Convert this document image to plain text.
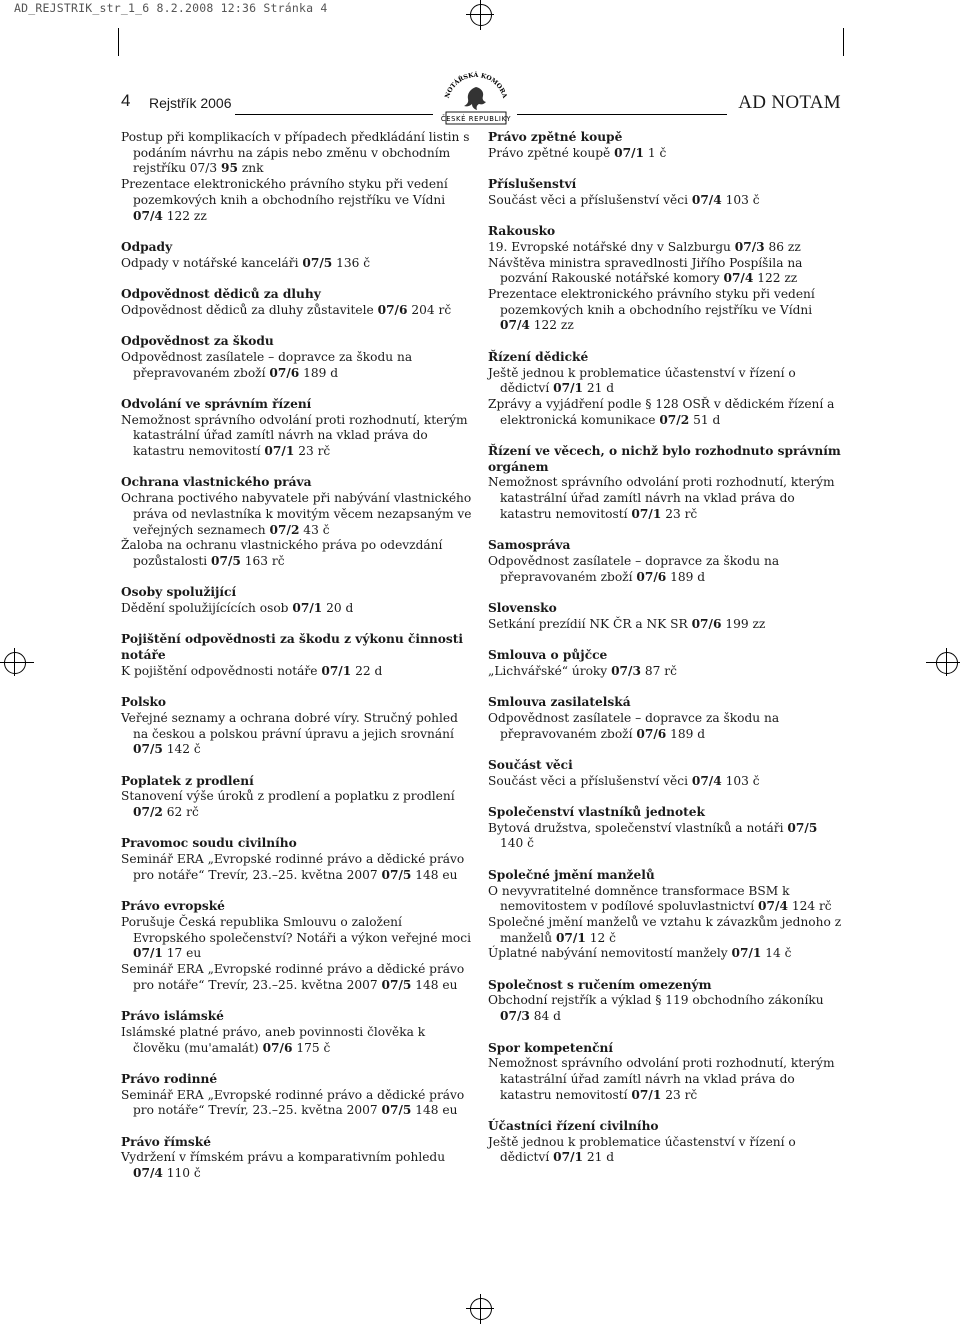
AD_REJSTRIK_str_1_6 8.2.2008 12:36 Stránka 4
4 Rejstřík 2006	NOTÁŘSKÁ KOMORA
ČESKÉ REPUBLIKY
AD NOTAM
Postup při komplikacích v případech předkládání listin s podáním návrhu na zápis nebo změnu v obchodním rejstříku 07/3 95 znk
Prezentace elektronického právního styku při vedení pozemkových knih a obchodního rejstříku ve Vídni 07/4 122 zz
Odpady
Odpady v notářské kanceláři 07/5 136 č
Odpovědnost dědiců za dluhy
Odpovědnost dědiců za dluhy zůstavitele 07/6 204 rč
Odpovědnost za škodu
Odpovědnost zasílatele – dopravce za škodu na přepravovaném zboží 07/6 189 d
Odvolání ve správním řízení
Nemožnost správního odvolání proti rozhodnutí, kterým katastrální úřad zamítl návrh na vklad práva do katastru nemovitostí 07/1 23 rč
Ochrana vlastnického práva
Ochrana poctivého nabyvatele při nabývání vlastnického práva od nevlastníka k movitým věcem nezapsaným ve veřejných seznamech 07/2 43 č
Žaloba na ochranu vlastnického práva po odevzdání pozůstalosti 07/5 163 rč
Osoby spolužijící
Dědění spolužijícících osob 07/1 20 d
Pojištění odpovědnosti za škodu z výkonu činnosti notáře
K pojištění odpovědnosti notáře 07/1 22 d
Polsko
Veřejné seznamy a ochrana dobré víry. Stručný pohled na českou a polskou právní úpravu a jejich srovnání 07/5 142 č
Poplatek z prodlení
Stanovení výše úroků z prodlení a poplatku z prodlení 07/2 62 rč
Pravomoc soudu civilního
Seminář ERA „Evropské rodinné právo a dědické právo pro notáře“ Trevír, 23.–25. května 2007 07/5 148 eu
Právo evropské
Porušuje Česká republika Smlouvu o založení Evropského společenství? Notáři a výkon veřejné moci 07/1 17 eu
Seminář ERA „Evropské rodinné právo a dědické právo pro notáře“ Trevír, 23.–25. května 2007 07/5 148 eu
Právo islámské
Islámské platné právo, aneb povinnosti člověka k člověku (mu'amalát) 07/6 175 č
Právo rodinné
Seminář ERA „Evropské rodinné právo a dědické právo pro notáře“ Trevír, 23.–25. května 2007 07/5 148 eu
Právo římské
Vydržení v římském právu a komparativním pohledu 07/4 110 č
Právo zpětné koupě
Právo zpětné koupě 07/1 1 č
Příslušenství
Součást věci a příslušenství věci 07/4 103 č
Rakousko
19. Evropské notářské dny v Salzburgu 07/3 86 zz
Návštěva ministra spravedlnosti Jiřího Pospíšila na pozvání Rakouské notářské komory 07/4 122 zz
Prezentace elektronického právního styku při vedení pozemkových knih a obchodního rejstříku ve Vídni 07/4 122 zz
Řízení dědické
Ještě jednou k problematice účastenství v řízení o dědictví 07/1 21 d
Zprávy a vyjádření podle § 128 OSŘ v dědickém řízení a elektronická komunikace 07/2 51 d
Řízení ve věcech, o nichž bylo rozhodnuto správním orgánem
Nemožnost správního odvolání proti rozhodnutí, kterým katastrální úřad zamítl návrh na vklad práva do katastru nemovitostí 07/1 23 rč
Samospráva
Odpovědnost zasílatele – dopravce za škodu na přepravovaném zboží 07/6 189 d
Slovensko
Setkání prezídií NK ČR a NK SR 07/6 199 zz
Smlouva o půjčce
„Lichvářské“ úroky 07/3 87 rč
Smlouva zasilatelská
Odpovědnost zasílatele – dopravce za škodu na přepravovaném zboží 07/6 189 d
Součást věci
Součást věci a příslušenství věci 07/4 103 č
Společenství vlastníků jednotek
Bytová družstva, společenství vlastníků a notáři 07/5 140 č
Společné jmění manželů
O nevyvratitelné domněnce transformace BSM k nemovitostem v podílové spoluvlastnictví 07/4 124 rč
Společné jmění manželů ve vztahu k závazkům jednoho z manželů 07/1 12 č
Úplatné nabývání nemovitostí manžely 07/1 14 č
Společnost s ručením omezeným
Obchodní rejstřík a výklad § 119 obchodního zákoníku 07/3 84 d
Spor kompetenční
Nemožnost správního odvolání proti rozhodnutí, kterým katastrální úřad zamítl návrh na vklad práva do katastru nemovitostí 07/1 23 rč
Účastníci řízení civilního
Ještě jednou k problematice účastenství v řízení o dědictví 07/1 21 d
